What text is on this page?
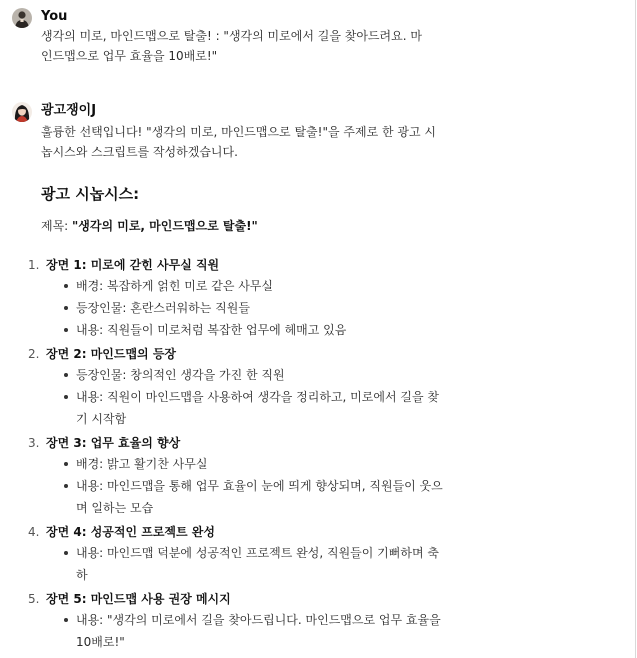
You
생각의 미로, 마인드맵으로 탈출! : "생각의 미로에서 길을 찾아드려요. 마
인드맵으로 업무 효율을 10배로!"
광고쟁이J
훌륭한 선택입니다! "생각의 미로, 마인드맵으로 탈출!"을 주제로 한 광고 시
놉시스와 스크립트를 작성하겠습니다.
광고 시놉시스:
제목: "생각의 미로, 마인드맵으로 탈출!"
1. 장면 1: 미로에 갇힌 사무실 직원
배경: 복잡하게 얽힌 미로 같은 사무실
등장인물: 혼란스러워하는 직원들
내용: 직원들이 미로처럼 복잡한 업무에 헤매고 있음
2. 장면 2: 마인드맵의 등장
등장인물: 창의적인 생각을 가진 한 직원
내용: 직원이 마인드맵을 사용하여 생각을 정리하고, 미로에서 길을 찾
기 시작함
3. 장면 3: 업무 효율의 향상
배경: 밝고 활기찬 사무실
내용: 마인드맵을 통해 업무 효율이 눈에 띄게 향상되며, 직원들이 웃으
며 일하는 모습
4. 장면 4: 성공적인 프로젝트 완성
내용: 마인드맵 덕분에 성공적인 프로젝트 완성, 직원들이 기뻐하며 축
하
5. 장면 5: 마인드맵 사용 권장 메시지
내용: "생각의 미로에서 길을 찾아드립니다. 마인드맵으로 업무 효율을
10배로!"
